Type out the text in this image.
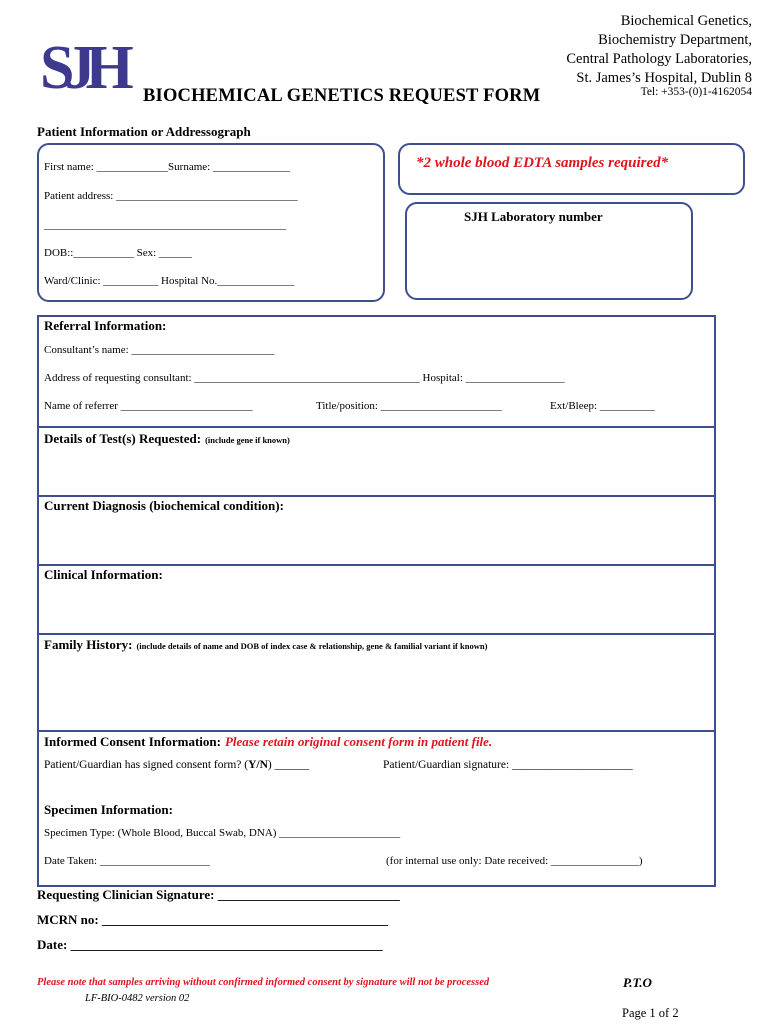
SJH
Biochemical Genetics,
Biochemistry Department,
Central Pathology Laboratories,
St. James’s Hospital, Dublin 8
Tel: +353-(0)1-4162054
BIOCHEMICAL GENETICS REQUEST FORM
Patient Information or Addressograph
First name: _____________Surname: ______________
Patient address: _________________________________
____________________________________________
DOB::___________ Sex: ______
Ward/Clinic: __________ Hospital No.______________
*2 whole blood EDTA samples required*
SJH Laboratory number
Referral Information:
Consultant’s name: __________________________
Address of requesting consultant: _________________________________________ Hospital: __________________
Name of referrer ________________________	Title/position: ______________________	Ext/Bleep: __________
Details of Test(s) Requested: (include gene if known)
Current Diagnosis (biochemical condition):
Clinical Information:
Family History: (include details of name and DOB of index case & relationship, gene & familial variant if known)
Informed Consent Information: Please retain original consent form in patient file.
Patient/Guardian has signed consent form? (Y/N) ______	Patient/Guardian signature: _____________________
Specimen Information:
Specimen Type: (Whole Blood, Buccal Swab, DNA) ______________________
Date Taken: ____________________	(for internal use only: Date received: ________________)
Requesting Clinician Signature: ____________________________
MCRN no: ____________________________________________
Date: ________________________________________________
Please note that samples arriving without confirmed informed consent by signature will not be processed	P.T.O
LF-BIO-0482 version 02
Page 1 of 2
